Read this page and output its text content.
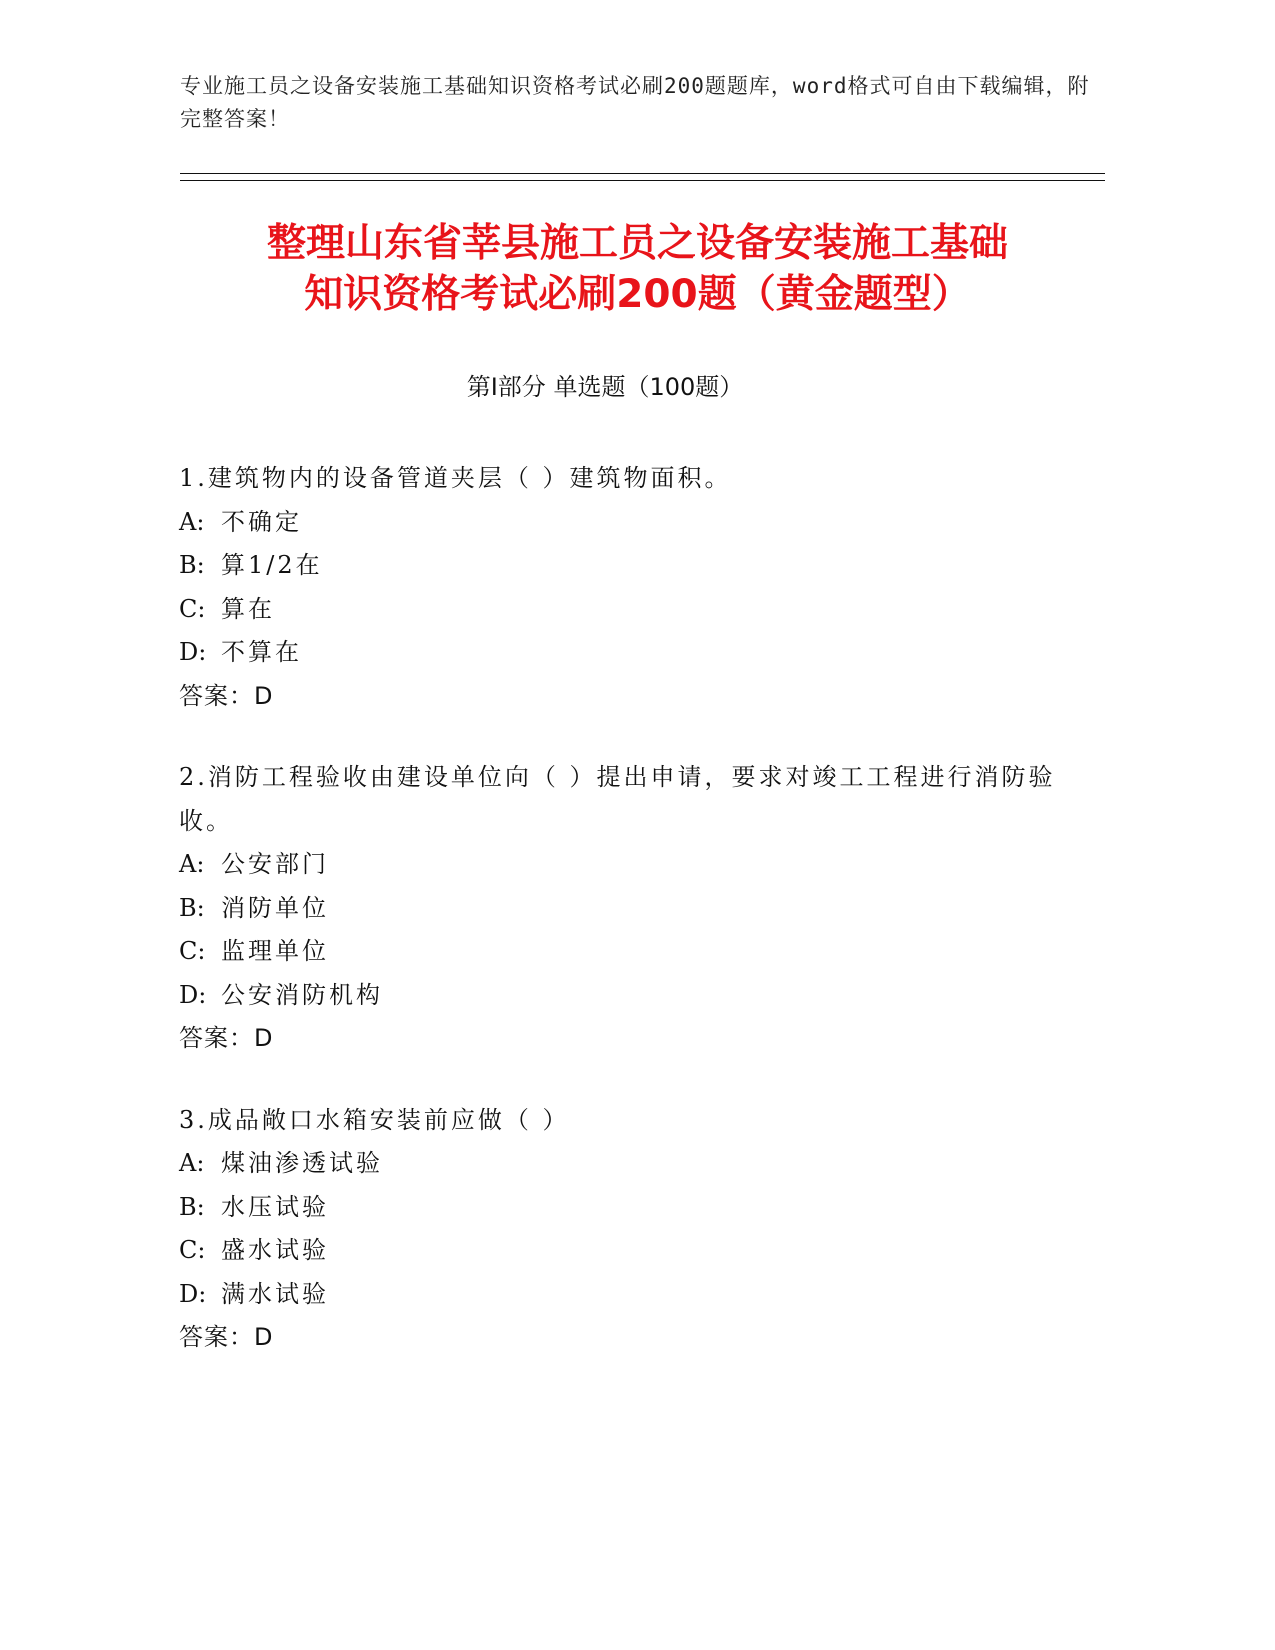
专业施工员之设备安装施工基础知识资格考试必刷200题题库，word格式可自由下载编辑，附完整答案！
整理山东省莘县施工员之设备安装施工基础
知识资格考试必刷200题（黄金题型）
第Ⅰ部分 单选题（100题）

1.建筑物内的设备管道夹层（ ）建筑物面积。

A: 不确定
B: 算1/2在
C: 算在
D: 不算在
答案：D

2.消防工程验收由建设单位向（ ）提出申请，要求对竣工工程进行消防验收。

A: 公安部门
B: 消防单位
C: 监理单位
D: 公安消防机构
答案：D

3.成品敞口水箱安装前应做（ ）

A: 煤油渗透试验
B: 水压试验
C: 盛水试验
D: 满水试验
答案：D
